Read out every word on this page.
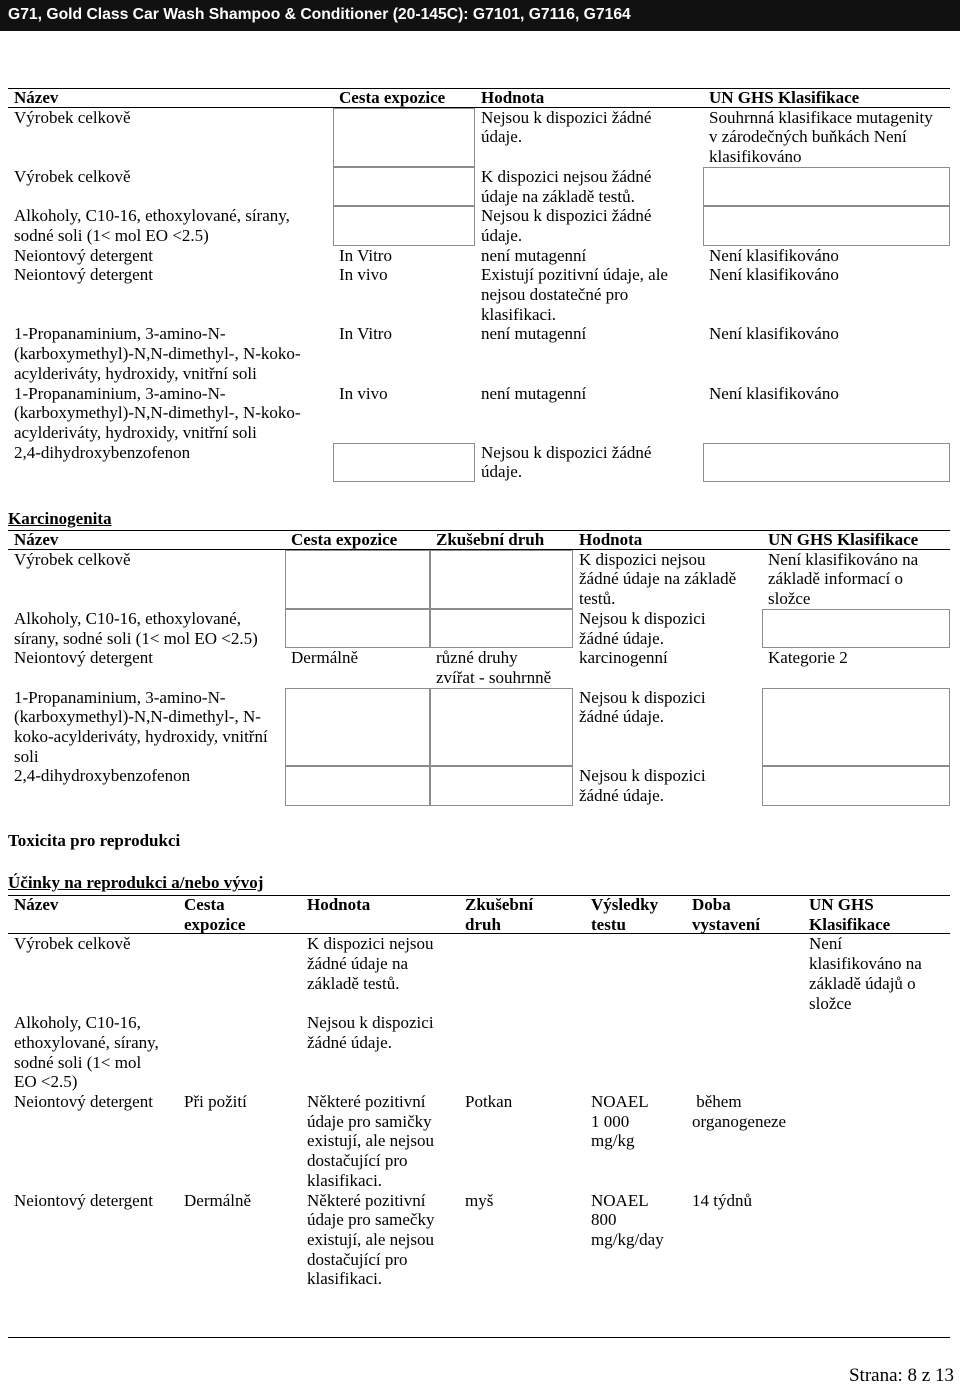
G71, Gold Class Car Wash Shampoo & Conditioner (20-145C): G7101, G7116, G7164
Název	Cesta expozice	Hodnota	UN GHS Klasifikace
Výrobek celkově		Nejsou k dispozici žádné
údaje.	Souhrnná klasifikace mutagenity
v zárodečných buňkách Není
klasifikováno
Výrobek celkově		K dispozici nejsou žádné
údaje na základě testů.	
Alkoholy, C10-16, ethoxylované, sírany,
sodné soli (1< mol EO <2.5)		Nejsou k dispozici žádné
údaje.	
Neiontový detergent	In Vitro	není mutagenní	Není klasifikováno
Neiontový detergent	In vivo	Existují pozitivní údaje, ale
nejsou dostatečné pro
klasifikaci.	Není klasifikováno
1-Propanaminium, 3-amino-N-
(karboxymethyl)-N,N-dimethyl-, N-koko-
acylderiváty, hydroxidy, vnitřní soli	In Vitro	není mutagenní	Není klasifikováno
1-Propanaminium, 3-amino-N-
(karboxymethyl)-N,N-dimethyl-, N-koko-
acylderiváty, hydroxidy, vnitřní soli	In vivo	není mutagenní	Není klasifikováno
2,4-dihydroxybenzofenon		Nejsou k dispozici žádné
údaje.	
Karcinogenita
Název	Cesta expozice	Zkušební druh	Hodnota	UN GHS Klasifikace
Výrobek celkově			K dispozici nejsou
žádné údaje na základě
testů.	Není klasifikováno na
základě informací o
složce
Alkoholy, C10-16, ethoxylované,
sírany, sodné soli (1< mol EO <2.5)			Nejsou k dispozici
žádné údaje.	
Neiontový detergent	Dermálně	různé druhy
zvířat - souhrnně	karcinogenní	Kategorie 2
1-Propanaminium, 3-amino-N-
(karboxymethyl)-N,N-dimethyl-, N-
koko-acylderiváty, hydroxidy, vnitřní
soli			Nejsou k dispozici
žádné údaje.	
2,4-dihydroxybenzofenon			Nejsou k dispozici
žádné údaje.	
Toxicita pro reprodukci
Účinky na reprodukci a/nebo vývoj
Název	Cesta
expozice	Hodnota	Zkušební
druh	Výsledky
testu	Doba
vystavení	UN GHS
Klasifikace
Výrobek celkově		K dispozici nejsou
žádné údaje na
základě testů.				Není
klasifikováno na
základě údajů o
složce
Alkoholy, C10-16,
ethoxylované, sírany,
sodné soli (1< mol
EO <2.5)		Nejsou k dispozici
žádné údaje.				
Neiontový detergent	Při požití	Některé pozitivní
údaje pro samičky
existují, ale nejsou
dostačující pro
klasifikaci.	Potkan	NOAEL
1 000
mg/kg	během
organogeneze	
Neiontový detergent	Dermálně	Některé pozitivní
údaje pro samečky
existují, ale nejsou
dostačující pro
klasifikaci.	myš	NOAEL
800
mg/kg/day	14 týdnů	
Strana: 8 z 13
